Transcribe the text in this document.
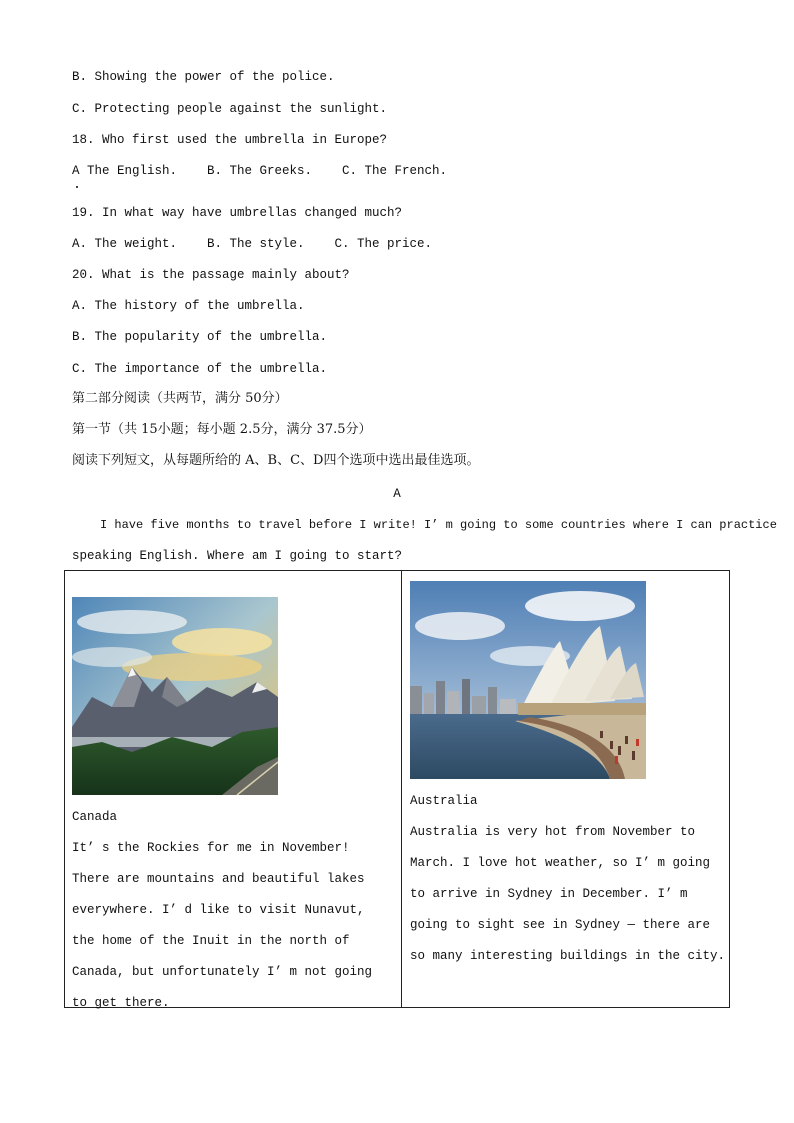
B. Showing the power of the police.
C. Protecting people against the sunlight.
18. Who first used the umbrella in Europe?
A The English.    B. The Greeks.    C. The French.
19. In what way have umbrellas changed much?
A. The weight.    B. The style.    C. The price.
20. What is the passage mainly about?
A. The history of the umbrella.
B. The popularity of the umbrella.
C. The importance of the umbrella.
第二部分阅读（共两节，满分 50分）
第一节（共 15小题；每小题 2.5分，满分 37.5分）
阅读下列短文，从每题所给的 A、B、C、D四个选项中选出最佳选项。
A
I have five months to travel before I write! I’ m going to some countries where I can practice
speaking English. Where am I going to start?
Canada
It’ s the Rockies for me in November! There are mountains and beautiful lakes everywhere. I’ d like to visit Nunavut, the home of the Inuit in the north of Canada, but unfortunately I’ m not going to get there.

Australia
Australia is very hot from November to March. I love hot weather, so I’ m going to arrive in Sydney in December. I’ m going to sight see in Sydney — there are so many interesting buildings in the city.
